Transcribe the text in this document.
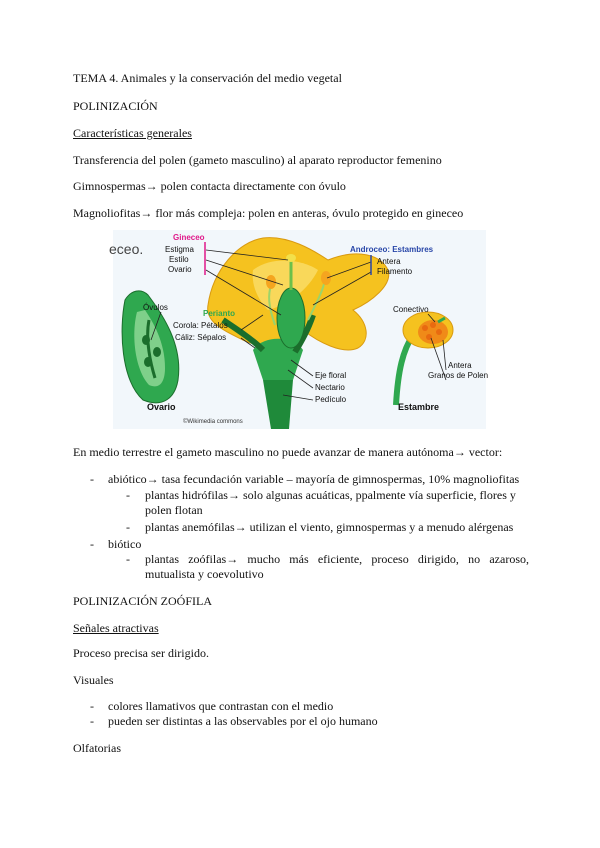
TEMA 4. Animales y la conservación del medio vegetal
POLINIZACIÓN
Características generales
Transferencia del polen (gameto masculino) al aparato reproductor femenino
Gimnospermas→ polen contacta directamente con óvulo
Magnoliofitas→ flor más compleja: polen en anteras, óvulo protegido en gineceo
eceo.
Gineceo
Estigma
Estilo
Ovario
Androceo: Estambres
Antera
Filamento
Óvulos
Perianto
Corola: Pétalos
Cáliz: Sépalos
Conectivo
Antera
Granos de Polen
Eje floral
Nectario
Pedículo
Ovario	Estambre
©Wikimedia commons
En medio terrestre el gameto masculino no puede avanzar de manera autónoma→ vector:
- abiótico→ tasa fecundación variable – mayoría de gimnospermas, 10% magnoliofitas
- plantas hidrófilas→ solo algunas acuáticas, ppalmente vía superficie, flores y
polen flotan
- plantas anemófilas→ utilizan el viento, gimnospermas y a menudo alérgenas
- biótico
- plantas zoófilas→ mucho más eficiente, proceso dirigido, no azaroso,
mutualista y coevolutivo
POLINIZACIÓN ZOÓFILA
Señales atractivas
Proceso precisa ser dirigido.
Visuales
- colores llamativos que contrastan con el medio
- pueden ser distintas a las observables por el ojo humano
Olfatorias
